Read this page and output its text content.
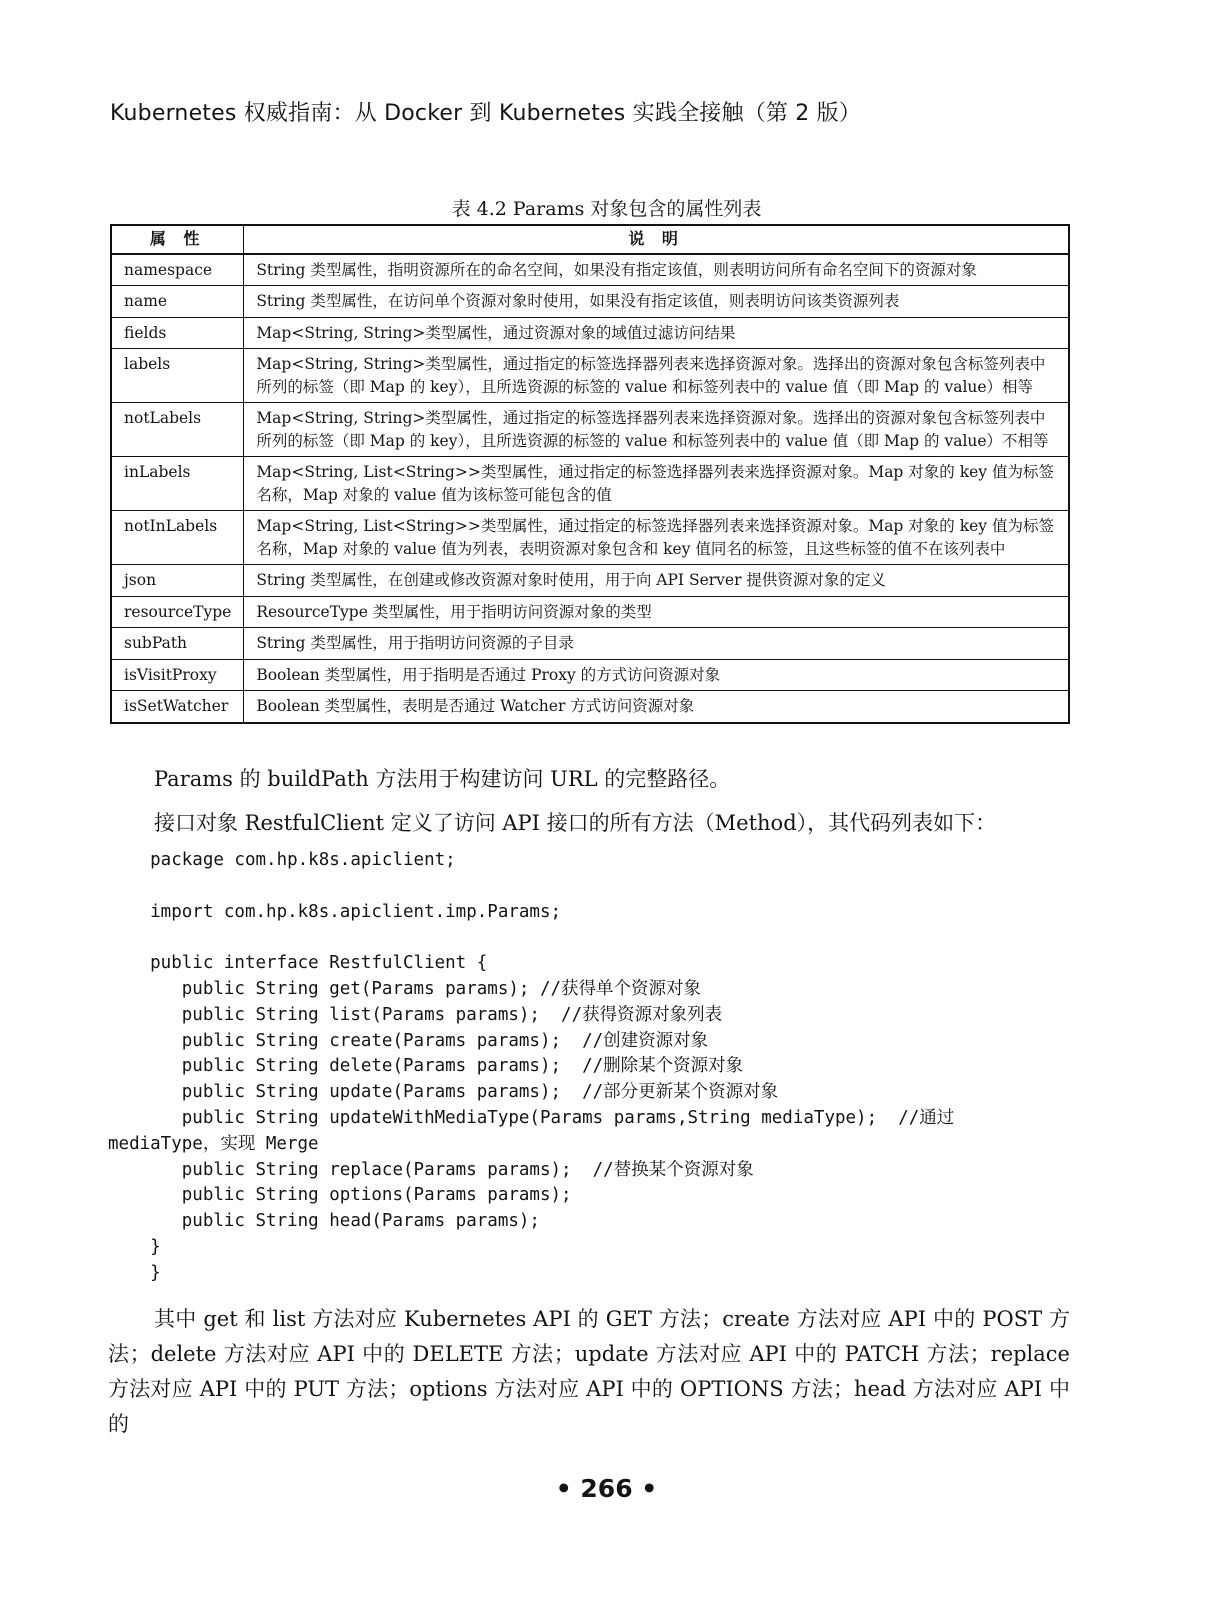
Kubernetes 权威指南：从 Docker 到 Kubernetes 实践全接触（第 2 版）
表 4.2 Params 对象包含的属性列表
属 性	说 明
namespace	String 类型属性，指明资源所在的命名空间，如果没有指定该值，则表明访问所有命名空间下的资源对象
name	String 类型属性，在访问单个资源对象时使用，如果没有指定该值，则表明访问该类资源列表
fields	Map<String, String>类型属性，通过资源对象的域值过滤访问结果
labels	Map<String, String>类型属性，通过指定的标签选择器列表来选择资源对象。选择出的资源对象包含标签列表中所列的标签（即 Map 的 key），且所选资源的标签的 value 和标签列表中的 value 值（即 Map 的 value）相等
notLabels	Map<String, String>类型属性，通过指定的标签选择器列表来选择资源对象。选择出的资源对象包含标签列表中所列的标签（即 Map 的 key），且所选资源的标签的 value 和标签列表中的 value 值（即 Map 的 value）不相等
inLabels	Map<String, List<String>>类型属性，通过指定的标签选择器列表来选择资源对象。Map 对象的 key 值为标签名称，Map 对象的 value 值为该标签可能包含的值
notInLabels	Map<String, List<String>>类型属性，通过指定的标签选择器列表来选择资源对象。Map 对象的 key 值为标签名称，Map 对象的 value 值为列表，表明资源对象包含和 key 值同名的标签，且这些标签的值不在该列表中
json	String 类型属性，在创建或修改资源对象时使用，用于向 API Server 提供资源对象的定义
resourceType	ResourceType 类型属性，用于指明访问资源对象的类型
subPath	String 类型属性，用于指明访问资源的子目录
isVisitProxy	Boolean 类型属性，用于指明是否通过 Proxy 的方式访问资源对象
isSetWatcher	Boolean 类型属性，表明是否通过 Watcher 方式访问资源对象

Params 的 buildPath 方法用于构建访问 URL 的完整路径。

接口对象 RestfulClient 定义了访问 API 接口的所有方法（Method），其代码列表如下：

package com.hp.k8s.apiclient;
import com.hp.k8s.apiclient.imp.Params;
public interface RestfulClient {
public String get(Params params); //获得单个资源对象
public String list(Params params);  //获得资源对象列表
public String create(Params params);  //创建资源对象
public String delete(Params params);  //删除某个资源对象
public String update(Params params);  //部分更新某个资源对象
public String updateWithMediaType(Params params,String mediaType);  //通过
mediaType，实现 Merge
public String replace(Params params);  //替换某个资源对象
public String options(Params params);
public String head(Params params);
}
}

其中 get 和 list 方法对应 Kubernetes API 的 GET 方法；create 方法对应 API 中的 POST 方法；delete 方法对应 API 中的 DELETE 方法；update 方法对应 API 中的 PATCH 方法；replace 方法对应 API 中的 PUT 方法；options 方法对应 API 中的 OPTIONS 方法；head 方法对应 API 中的

• 266 •
